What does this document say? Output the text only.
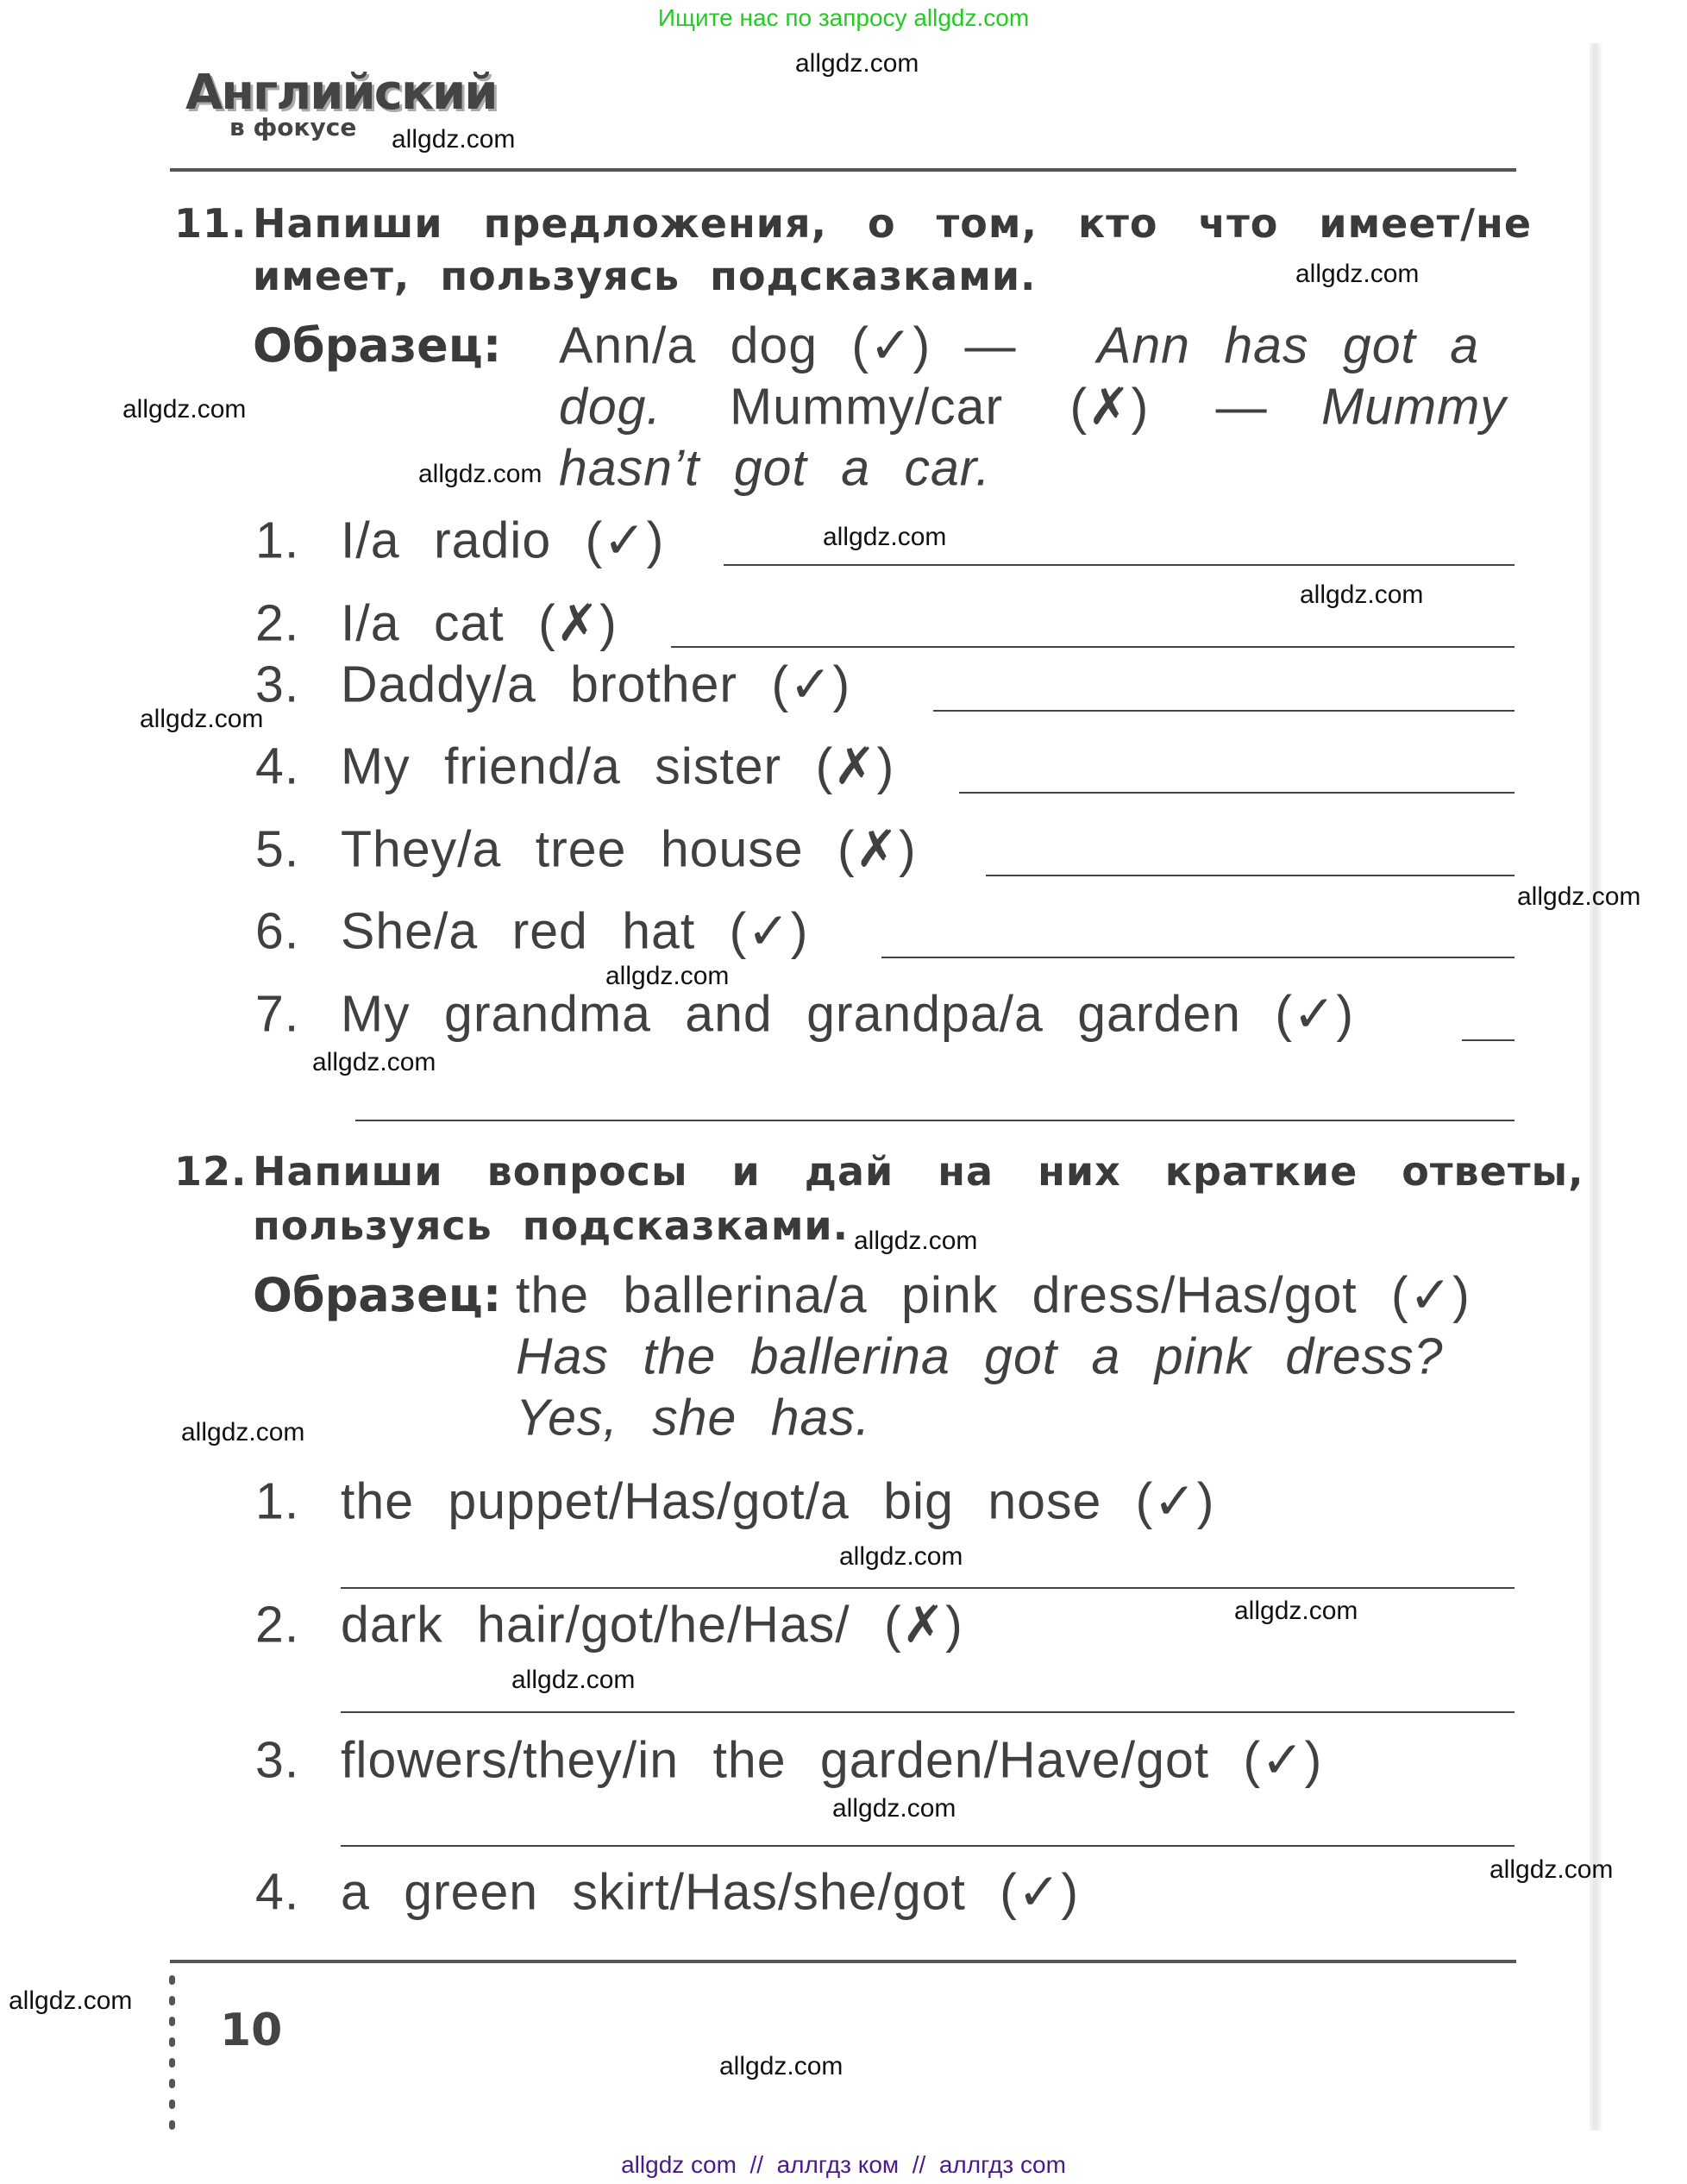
Ищите нас по запросу allgdz.com
Английский
в фокусе
allgdz.com
allgdz.com
allgdz.com
allgdz.com
allgdz.com
allgdz.com
allgdz.com
allgdz.com
allgdz.com
allgdz.com
allgdz.com
allgdz.com
allgdz.com
allgdz.com
allgdz.com
allgdz.com
allgdz.com
allgdz.com
allgdz.com
allgdz.com
11. Напиши предложения, о том, кто что имеет/не
имеет, пользуясь подсказками.
Образец: Ann/a dog (✓) — Ann has got a
dog. Mummy/car (✗) — Mummy
hasn’t got a car.
1. I/a radio (✓)
2. I/a cat (✗)
3. Daddy/a brother (✓)
4. My friend/a sister (✗)
5. They/a tree house (✗)
6. She/a red hat (✓)
7. My grandma and grandpa/a garden (✓)
12. Напиши вопросы и дай на них краткие ответы,
пользуясь подсказками.
Образец: the ballerina/a pink dress/Has/got (✓)
Has the ballerina got a pink dress?
Yes, she has.
1. the puppet/Has/got/a big nose (✓)
2. dark hair/got/he/Has/ (✗)
3. flowers/they/in the garden/Have/got (✓)
4. a green skirt/Has/she/got (✓)
10
allgdz com  //  аллгдз ком  //  аллгдз com
